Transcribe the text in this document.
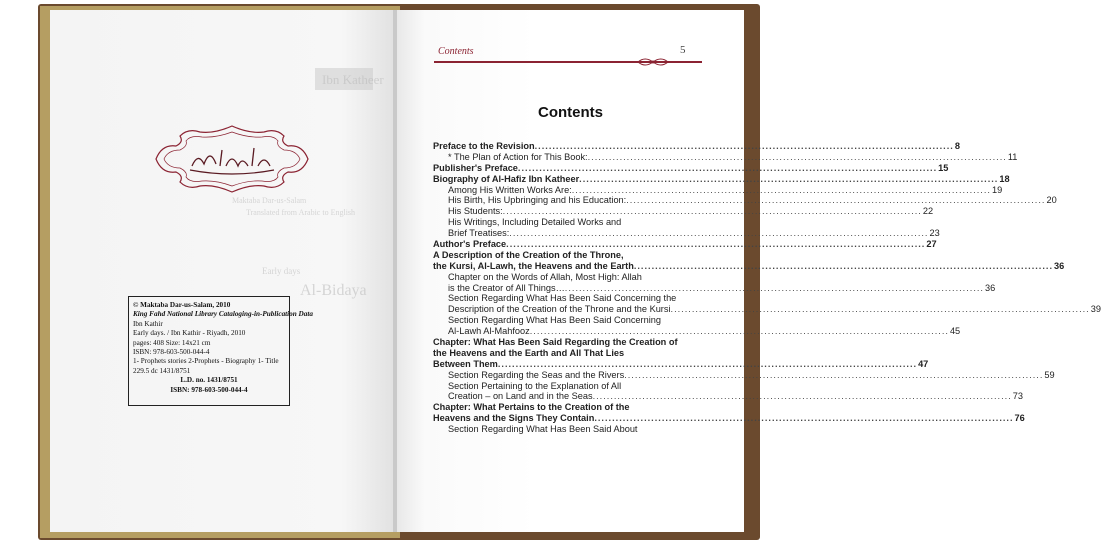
Ibn Katheer
Maktaba Dar-us-Salam
Translated from Arabic to English
Al-Bidaya
Early days
© Maktaba Dar-us-Salam, 2010
King Fahd National Library Cataloging-in-Publication Data
Ibn Kathir
Early days. / Ibn Kathir - Riyadh, 2010
pages: 408 Size: 14x21 cm
ISBN: 978-603-500-044-4
1- Prophets stories 2-Prophets - Biography 1- Title
229.5 dc 1431/8751
L.D. no. 1431/8751
ISBN: 978-603-500-044-4
Contents	5
Contents
Preface to the Revision .....	8
* The Plan of Action for This Book: .....	11
Publisher's Preface .....	15
Biography of Al-Hafiz Ibn Katheer .....	18
Among His Written Works Are: .....	19
His Birth, His Upbringing and his Education: .....	20
His Students: .....	22
His Writings, Including Detailed Works and
Brief Treatises: .....	23
Author's Preface .....	27
A Description of the Creation of the Throne,
the Kursi, Al-Lawh, the Heavens and the Earth .....	36
Chapter on the Words of Allah, Most High: Allah
is the Creator of All Things… .....	36
Section Regarding What Has Been Said Concerning the
Description of the Creation of the Throne and the Kursi .....	39
Section Regarding What Has Been Said Concerning
Al-Lawh Al-Mahfooz .....	45
Chapter: What Has Been Said Regarding the Creation of
the Heavens and the Earth and All That Lies
Between Them .....	47
Section Regarding the Seas and the Rivers .....	59
Section Pertaining to the Explanation of All
Creation – on Land and in the Seas .....	73
Chapter: What Pertains to the Creation of the
Heavens and the Signs They Contain .....	76
Section Regarding What Has Been Said About
